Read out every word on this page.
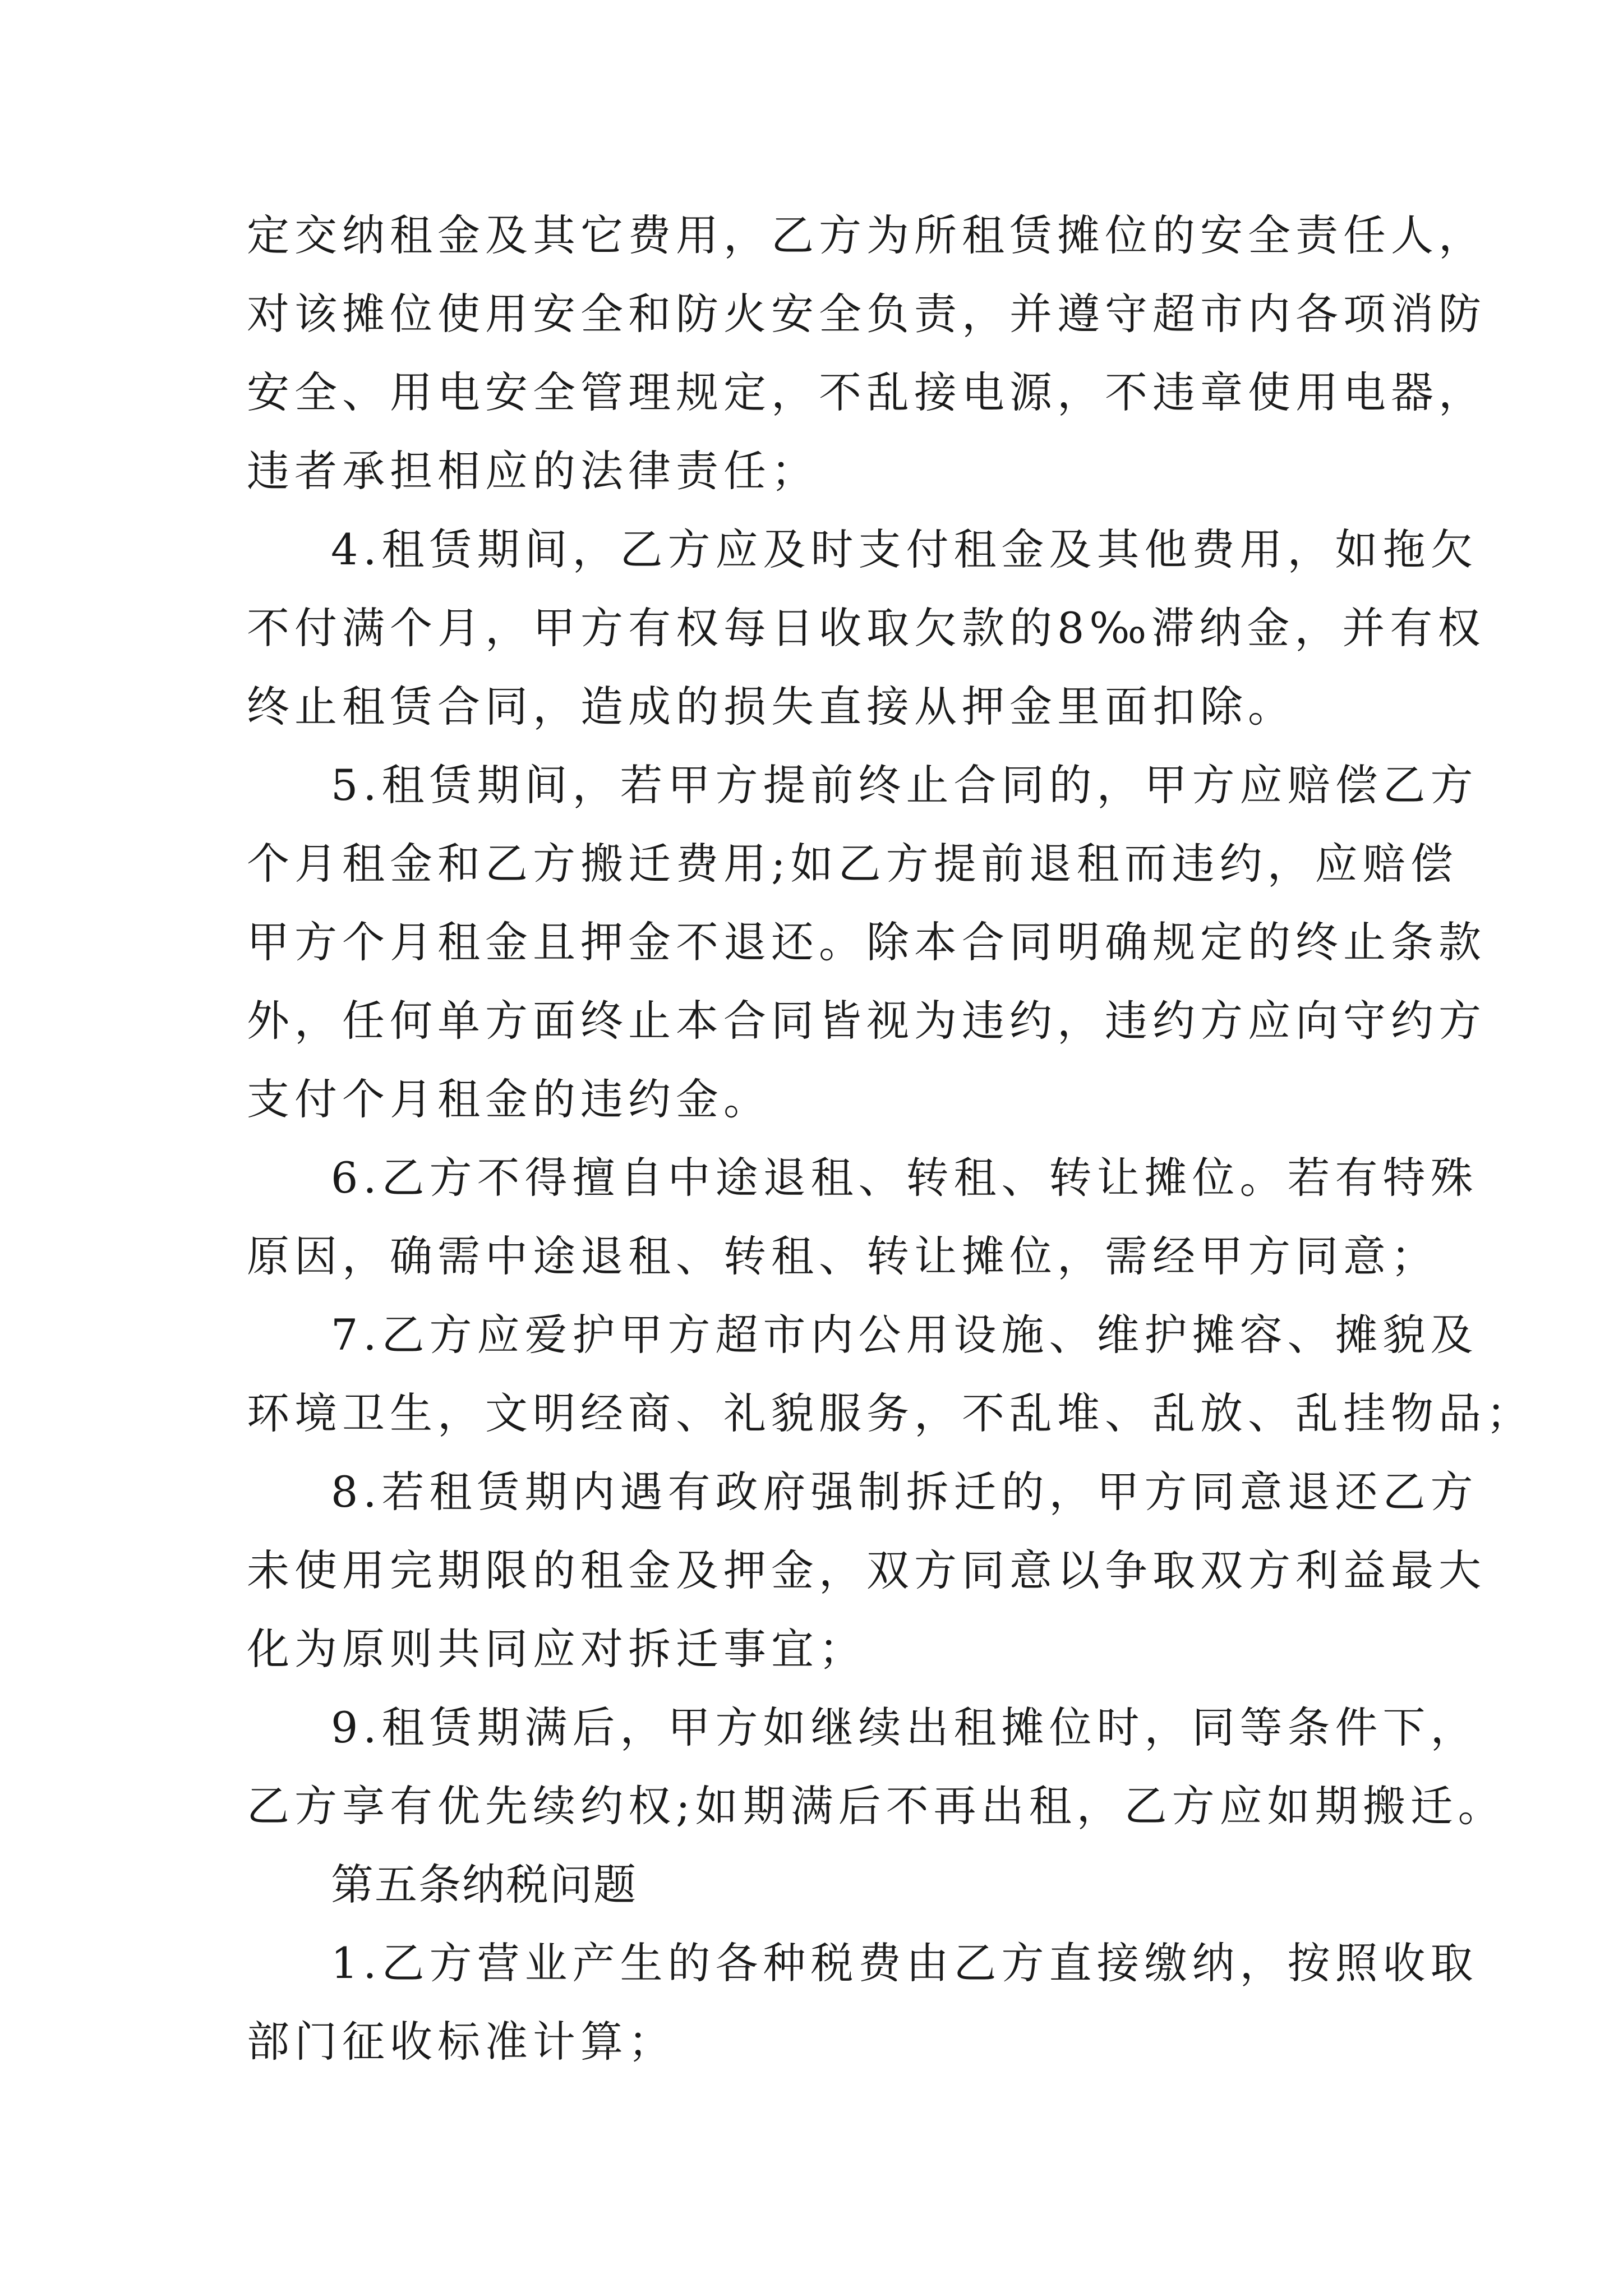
定交纳租金及其它费用，乙方为所租赁摊位的安全责任人，
对该摊位使用安全和防火安全负责，并遵守超市内各项消防
安全、用电安全管理规定，不乱接电源，不违章使用电器，
违者承担相应的法律责任；
4.租赁期间，乙方应及时支付租金及其他费用，如拖欠
不付满个月，甲方有权每日收取欠款的8‰滞纳金，并有权
终止租赁合同，造成的损失直接从押金里面扣除。
5.租赁期间，若甲方提前终止合同的，甲方应赔偿乙方
个月租金和乙方搬迁费用;如乙方提前退租而违约，应赔偿
甲方个月租金且押金不退还。除本合同明确规定的终止条款
外，任何单方面终止本合同皆视为违约，违约方应向守约方
支付个月租金的违约金。
6.乙方不得擅自中途退租、转租、转让摊位。若有特殊
原因，确需中途退租、转租、转让摊位，需经甲方同意；
7.乙方应爱护甲方超市内公用设施、维护摊容、摊貌及
环境卫生，文明经商、礼貌服务，不乱堆、乱放、乱挂物品；
8.若租赁期内遇有政府强制拆迁的，甲方同意退还乙方
未使用完期限的租金及押金，双方同意以争取双方利益最大
化为原则共同应对拆迁事宜；
9.租赁期满后，甲方如继续出租摊位时，同等条件下，
乙方享有优先续约权;如期满后不再出租，乙方应如期搬迁。
第五条纳税问题
1.乙方营业产生的各种税费由乙方直接缴纳，按照收取
部门征收标准计算；
